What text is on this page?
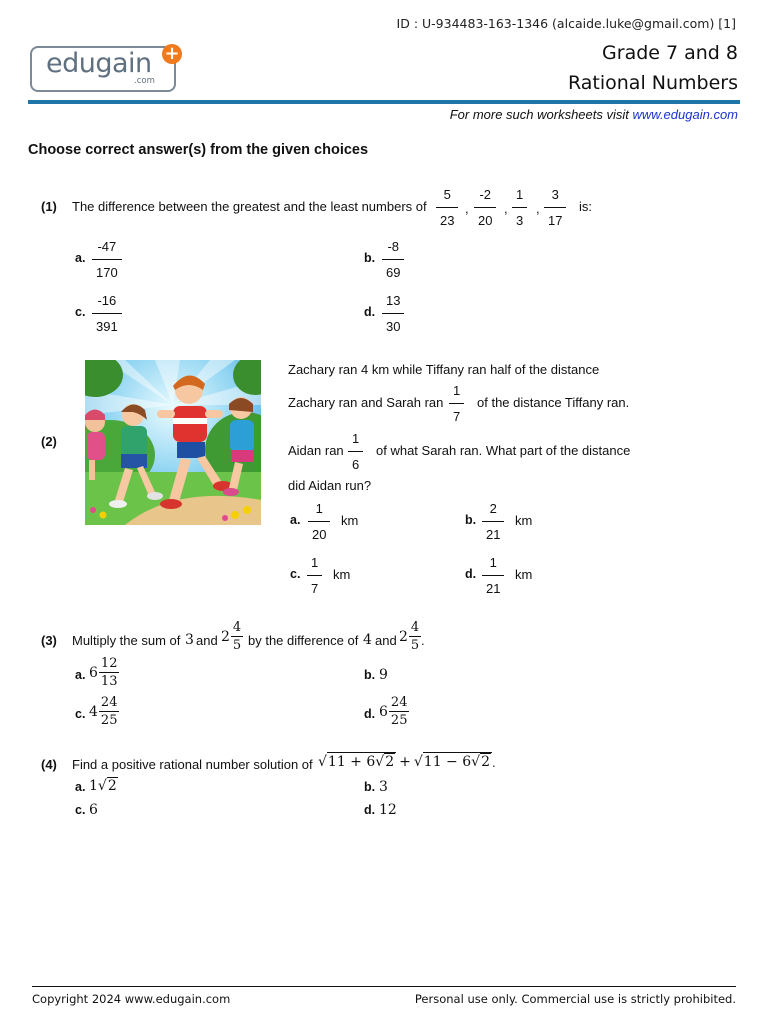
ID : U-934483-163-1346 (alcaide.luke@gmail.com) [1]
edugain
.com
+	Grade 7 and 8
Rational Numbers
For more such worksheets visit www.edugain.com
Choose correct answer(s) from the given choices
(1) The difference between the greatest and the least numbers of $\frac{5}{23}$ , $\frac{-2}{20}$ , $\frac{1}{3}$ , $\frac{3}{17}$ is:
a. $\frac{-47}{170}$	b. $\frac{-8}{69}$
c. $\frac{-16}{391}$	d. $\frac{13}{30}$
(2)
Zachary ran 4 km while Tiffany ran half of the distance
Zachary ran and Sarah ran $\frac{1}{7}$ of the distance Tiffany ran.
Aidan ran $\frac{1}{6}$ of what Sarah ran. What part of the distance
did Aidan run?
a. $\frac{1}{20}$ km	b. $\frac{2}{21}$ km
c. $\frac{1}{7}$ km	d. $\frac{1}{21}$ km
(3) Multiply the sum of 3 and $2 \frac{4}{5}$ by the difference of 4 and $2 \frac{4}{5}$ .
a. $6 \frac{12}{13}$	b. 9
c. $4 \frac{24}{25}$	d. $6 \frac{24}{25}$
(4) Find a positive rational number solution of √11 + 6√2 + √11 − 6√2 .
a. 1 √2	b. 3
c. 6	d. 12
Copyright 2024 www.edugain.com	Personal use only. Commercial use is strictly prohibited.
